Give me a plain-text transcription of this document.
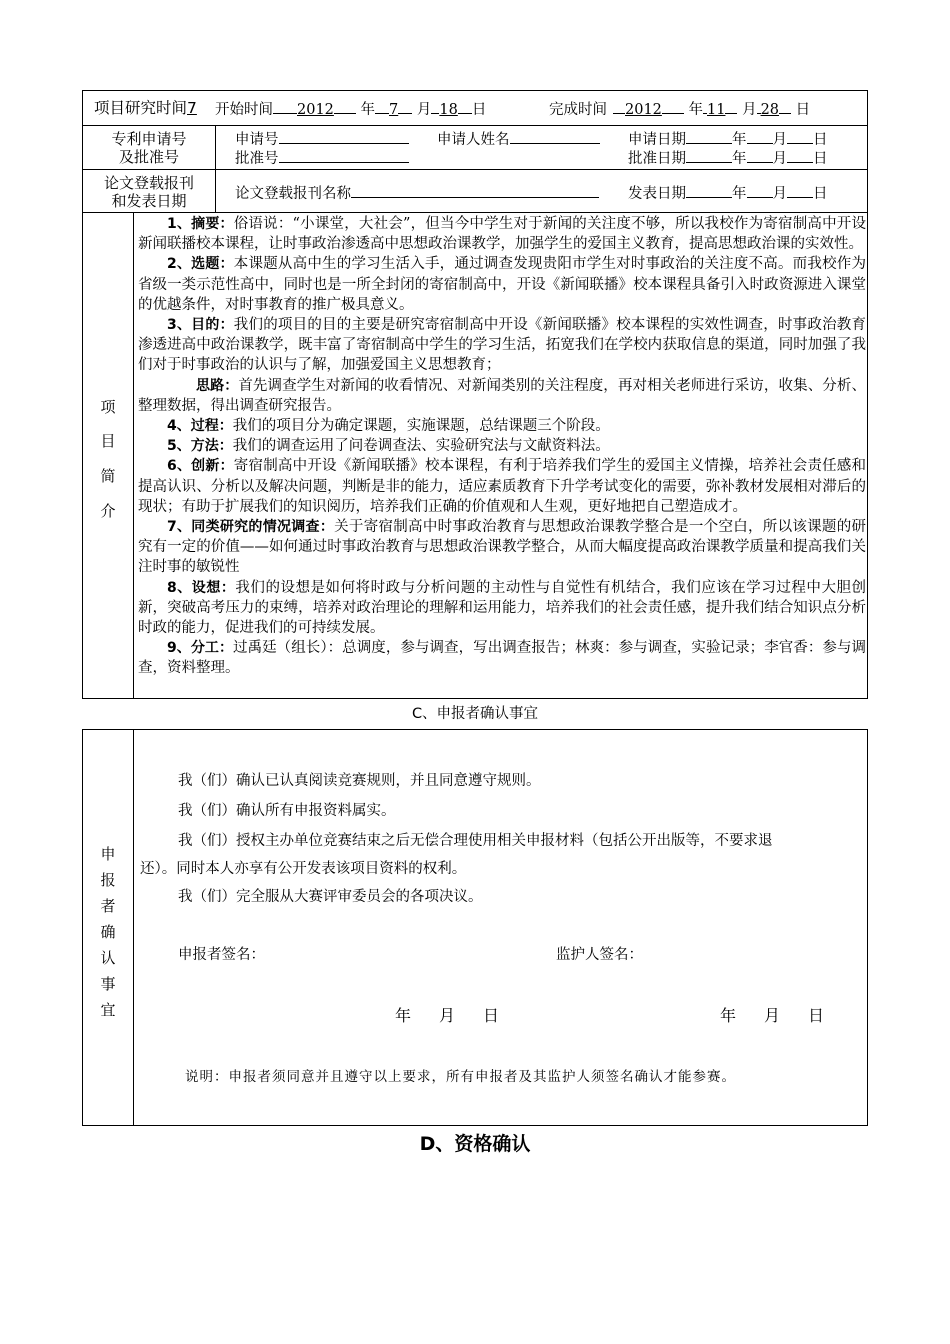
项目研究时间7 开始时间 2012 年 7 月 18 日	完成时间 2012 年 11 月 28 日
专利申请号
及批准号
申请号	申请人姓名	申请日期	年 月 日
批准号	批准日期	年 月 日
论文登载报刊
和发表日期	论文登载报刊名称	发表日期	年 月 日
项
目
简
介

1、摘要：俗语说：“小课堂，大社会”，但当今中学生对于新闻的关注度不够，所以我校作为寄宿制高中开设新闻联播校本课程，让时事政治渗透高中思想政治课教学，加强学生的爱国主义教育，提高思想政治课的实效性。

2、选题：本课题从高中生的学习生活入手，通过调查发现贵阳市学生对时事政治的关注度不高。而我校作为省级一类示范性高中，同时也是一所全封闭的寄宿制高中，开设《新闻联播》校本课程具备引入时政资源进入课堂的优越条件，对时事教育的推广极具意义。

3、目的：我们的项目的目的主要是研究寄宿制高中开设《新闻联播》校本课程的实效性调查，时事政治教育渗透进高中政治课教学，既丰富了寄宿制高中学生的学习生活，拓宽我们在学校内获取信息的渠道，同时加强了我们对于时事政治的认识与了解，加强爱国主义思想教育；

思路：首先调查学生对新闻的收看情况、对新闻类别的关注程度，再对相关老师进行采访，收集、分析、整理数据，得出调查研究报告。

4、过程：我们的项目分为确定课题，实施课题，总结课题三个阶段。

5、方法：我们的调查运用了问卷调查法、实验研究法与文献资料法。

6、创新：寄宿制高中开设《新闻联播》校本课程，有利于培养我们学生的爱国主义情操，培养社会责任感和提高认识、分析以及解决问题，判断是非的能力，适应素质教育下升学考试变化的需要，弥补教材发展相对滞后的现状；有助于扩展我们的知识阅历，培养我们正确的价值观和人生观，更好地把自己塑造成才。

7、同类研究的情况调查：关于寄宿制高中时事政治教育与思想政治课教学整合是一个空白，所以该课题的研究有一定的价值——如何通过时事政治教育与思想政治课教学整合，从而大幅度提高政治课教学质量和提高我们关注时事的敏锐性

8、设想：我们的设想是如何将时政与分析问题的主动性与自觉性有机结合，我们应该在学习过程中大胆创新，突破高考压力的束缚，培养对政治理论的理解和运用能力，培养我们的社会责任感，提升我们结合知识点分析时政的能力，促进我们的可持续发展。

9、分工：过禹廷（组长）：总调度，参与调查，写出调查报告；林爽：参与调查，实验记录；李官香：参与调查，资料整理。

C、申报者确认事宜
申
报
者
确
认
事
宜

我（们）确认已认真阅读竞赛规则，并且同意遵守规则。

我（们）确认所有申报资料属实。

我（们）授权主办单位竞赛结束之后无偿合理使用相关申报材料（包括公开出版等，不要求退

还）。同时本人亦享有公开发表该项目资料的权利。

我（们）完全服从大赛评审委员会的各项决议。

申报者签名：	监护人签名：
年 月 日	年 月 日
说明：申报者须同意并且遵守以上要求，所有申报者及其监护人须签名确认才能参赛。
D、资格确认
